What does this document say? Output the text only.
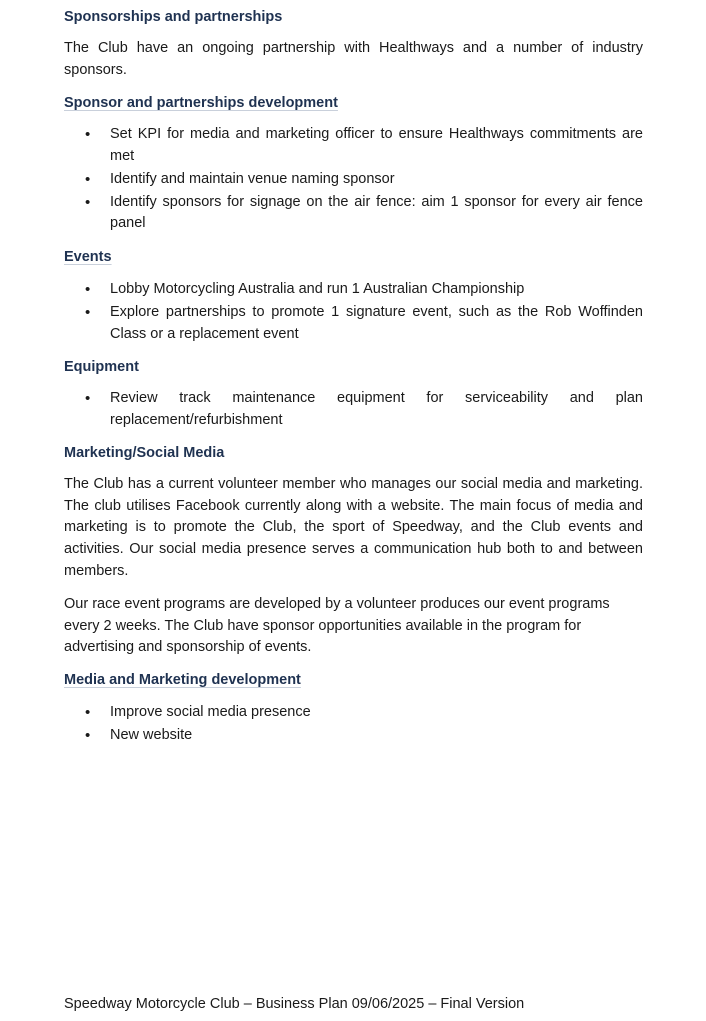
Sponsorships and partnerships

The Club have an ongoing partnership with Healthways and a number of industry sponsors.

Sponsor and partnerships development
• Set KPI for media and marketing officer to ensure Healthways commitments are met
• Identify and maintain venue naming sponsor
• Identify sponsors for signage on the air fence: aim 1 sponsor for every air fence panel
Events
• Lobby Motorcycling Australia and run 1 Australian Championship
• Explore partnerships to promote 1 signature event, such as the Rob Woffinden Class or a replacement event
Equipment
• Review track maintenance equipment for serviceability and plan replacement/refurbishment
Marketing/Social Media

The Club has a current volunteer member who manages our social media and marketing. The club utilises Facebook currently along with a website. The main focus of media and marketing is to promote the Club, the sport of Speedway, and the Club events and activities. Our social media presence serves a communication hub both to and between members.

Our race event programs are developed by a volunteer produces our event programs every 2 weeks. The Club have sponsor opportunities available in the program for advertising and sponsorship of events.

Media and Marketing development
• Improve social media presence
• New website

Speedway Motorcycle Club – Business Plan 09/06/2025 – Final Version
